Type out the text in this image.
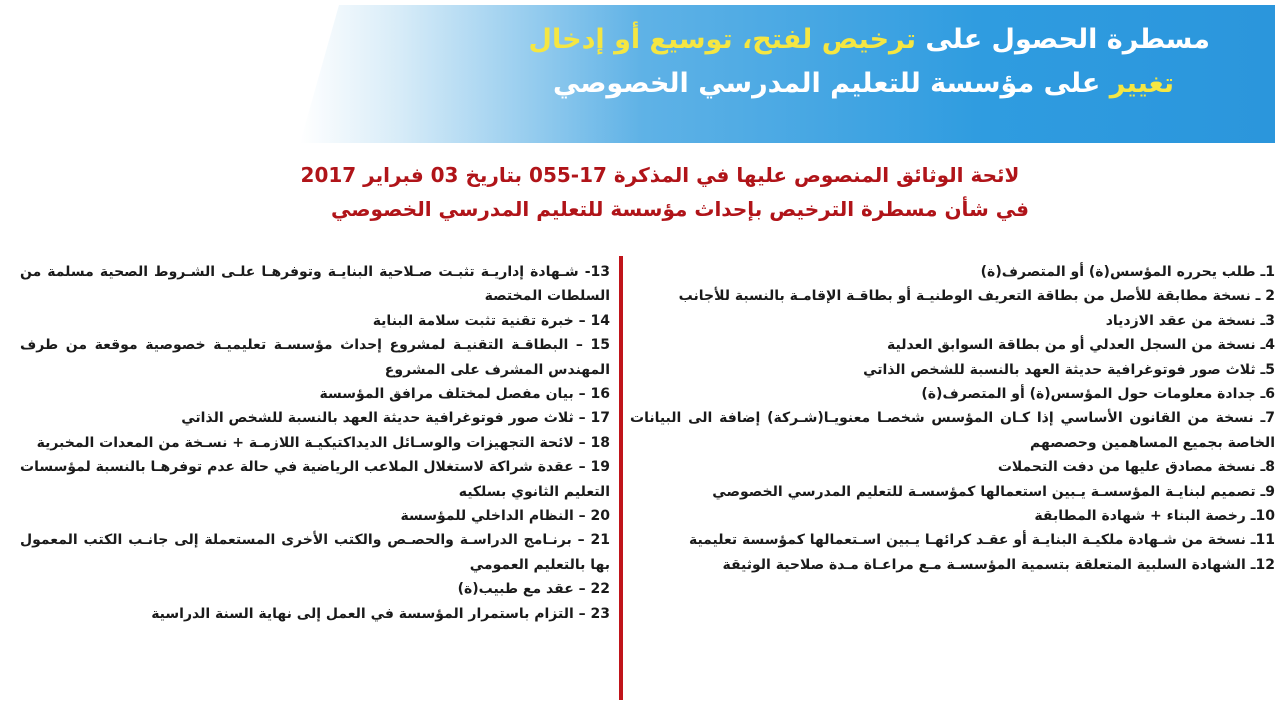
مسطرة الحصول على ترخيص لفتح، توسيع أو إدخال
تغيير على مؤسسة للتعليم المدرسي الخصوصي
لائحة الوثائق المنصوص عليها في المذكرة 17-055 بتاريخ 03 فبراير 2017
في شأن مسطرة الترخيص بإحداث مؤسسة للتعليم المدرسي الخصوصي
1ـ طلب يحرره المؤسس(ة) أو المتصرف(ة)
2 ـ نسخة مطابقة للأصل من بطاقة التعريف الوطنيـة أو بطاقـة الإقامـة بالنسبة للأجانب
3ـ نسخة من عقد الازدياد
4ـ نسخة من السجل العدلي أو من بطاقة السوابق العدلية
5ـ ثلاث صور فوتوغرافية حديثة العهد بالنسبة للشخص الذاتي
6ـ جدادة معلومات حول المؤسس(ة) أو المتصرف(ة)
7ـ نسخة من القانون الأساسي إذا كـان المؤسس شخصـا معنويـا(شـركة) إضافة الى البيانات الخاصة بجميع المساهمين وحصصهم
8ـ نسخة مصادق عليها من دفت التحملات
9ـ تصميم لبنايـة المؤسسـة يـبين استعمالها كمؤسسـة للتعليم المدرسي الخصوصي
10ـ رخصة البناء + شهادة المطابقة
11ـ نسخة من شـهادة ملكيـة البنايـة أو عقـد كرائهـا يـبين اسـتعمالها كمؤسسة تعليمية
12ـ الشهادة السلبية المتعلقة بتسمية المؤسسـة مـع مراعـاة مـدة صلاحية الوثيقة
13- شـهادة إداريـة تثبـت صـلاحية البنايـة وتوفرهـا علـى الشـروط الصحية مسلمة من السلطات المختصة
14 – خبرة تقنية تثبت سلامة البناية
15 – البطاقـة التقنيـة لمشروع إحداث مؤسسـة تعليميـة خصوصية موقعة من طرف المهندس المشرف على المشروع
16 – بيان مفصل لمختلف مرافق المؤسسة
17 – ثلاث صور فوتوغرافية حديثة العهد بالنسبة للشخص الذاتي
18 – لائحة التجهيزات والوسـائل الديداكتيكيـة اللازمـة + نسـخة من المعدات المخبرية
19 – عقدة شراكة لاستغلال الملاعب الرياضية في حالة عدم توفرهـا بالنسبة لمؤسسات التعليم الثانوي بسلكيه
20 – النظام الداخلي للمؤسسة
21 – برنـامج الدراسـة والحصـص والكتب الأخرى المستعملة إلى جانـب الكتب المعمول بها بالتعليم العمومي
22 – عقد مع طبيب(ة)
23 – التزام باستمرار المؤسسة في العمل إلى نهاية السنة الدراسية
